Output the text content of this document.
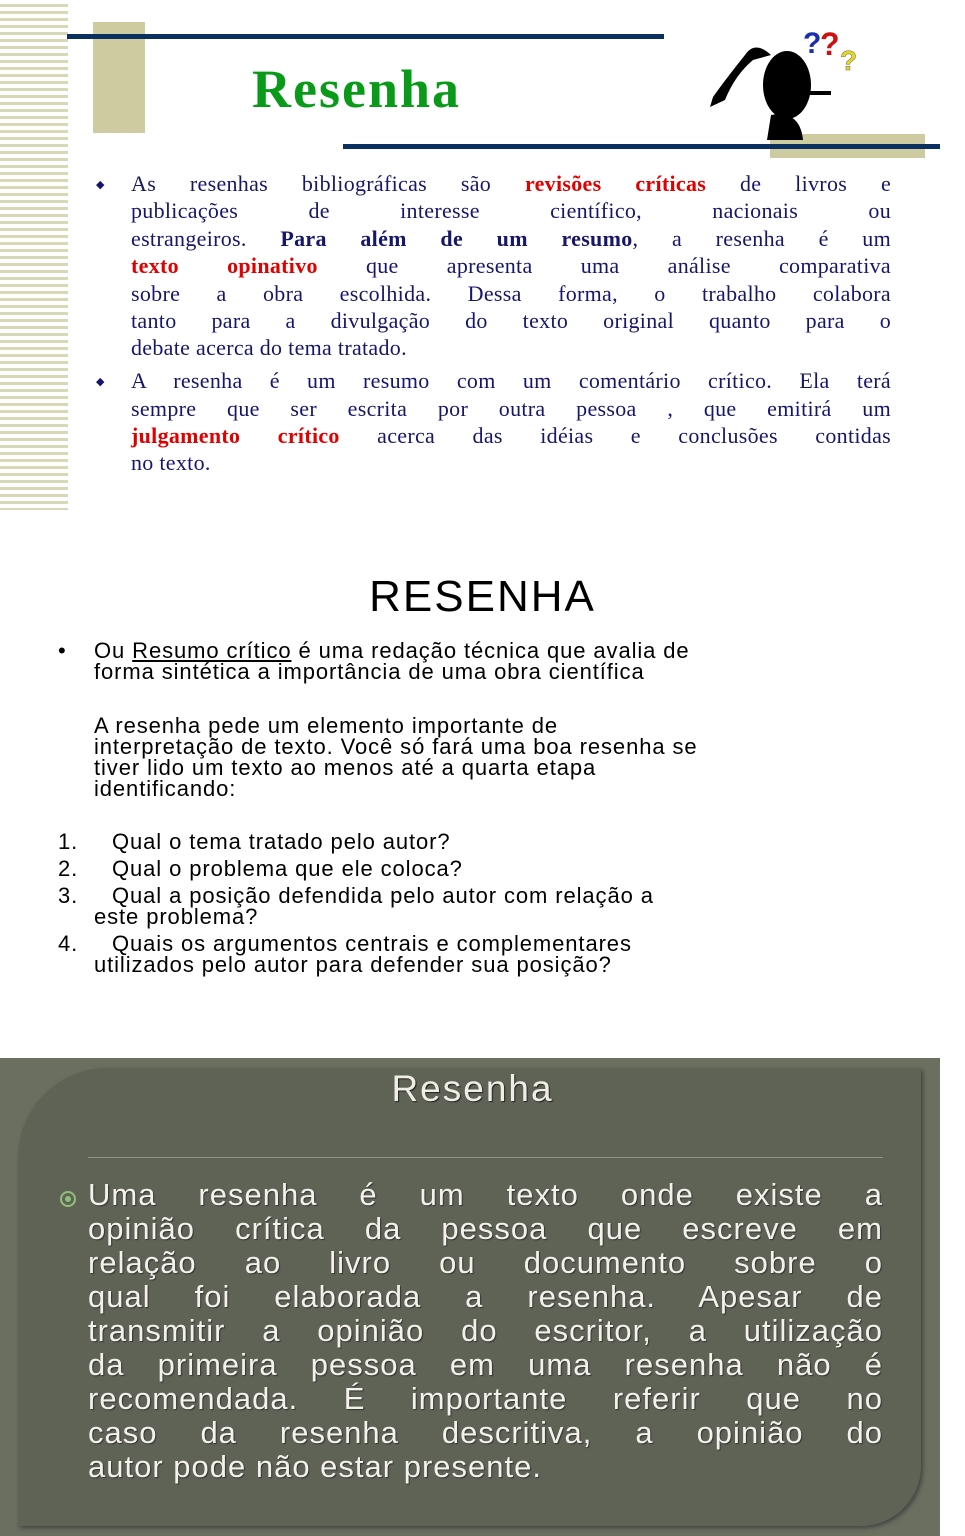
Resenha
?
? ?
◆ As resenhas bibliográficas são revisões críticas de livros e
publicações de interesse científico, nacionais ou
estrangeiros. Para além de um resumo, a resenha é um
texto opinativo que apresenta uma análise comparativa
sobre a obra escolhida. Dessa forma, o trabalho colabora
tanto para a divulgação do texto original quanto para o
debate acerca do tema tratado.
◆ A resenha é um resumo com um comentário crítico. Ela terá
sempre que ser escrita por outra pessoa , que emitirá um
julgamento crítico acerca das idéias e conclusões contidas
no texto.
RESENHA
• Ou Resumo crítico é uma redação técnica que avalia de
forma sintética a importância de uma obra científica
A resenha pede um elemento importante de
interpretação de texto. Você só fará uma boa resenha se
tiver lido um texto ao menos até a quarta etapa
identificando:
1. Qual o tema tratado pelo autor?
2. Qual o problema que ele coloca?
3. Qual a posição defendida pelo autor com relação a
este problema?
4. Quais os argumentos centrais e complementares
utilizados pelo autor para defender sua posição?
Resenha
Uma resenha é um texto onde existe a
opinião crítica da pessoa que escreve em
relação ao livro ou documento sobre o
qual foi elaborada a resenha. Apesar de
transmitir a opinião do escritor, a utilização
da primeira pessoa em uma resenha não é
recomendada. É importante referir que no
caso da resenha descritiva, a opinião do
autor pode não estar presente.
